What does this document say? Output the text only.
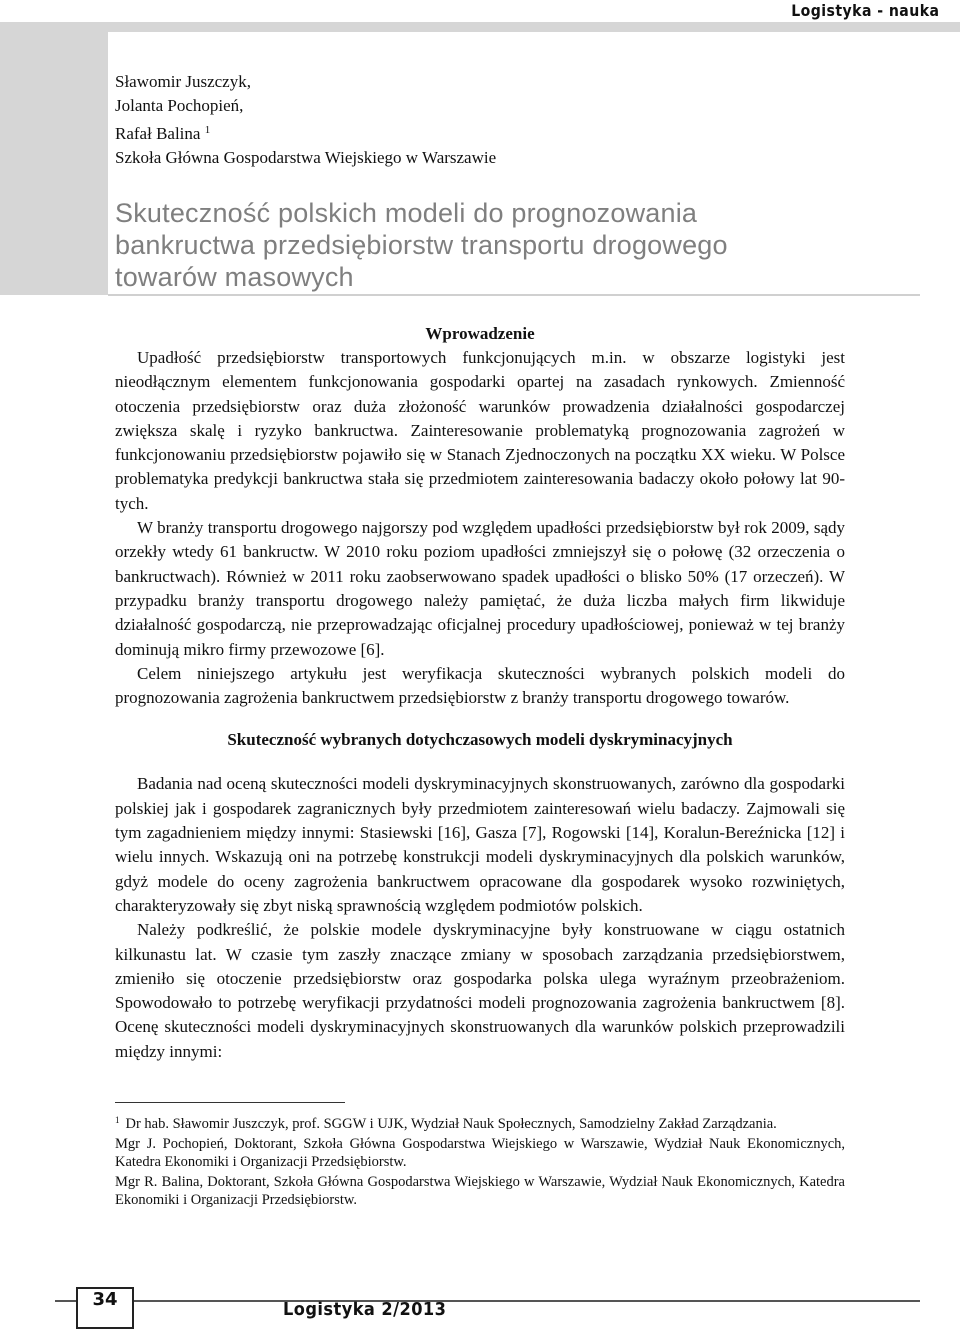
Logistyka - nauka
Sławomir Juszczyk,
Jolanta Pochopień,
Rafał Balina $^1$
Szkoła Główna Gospodarstwa Wiejskiego w Warszawie
Skuteczność polskich modeli do prognozowania
bankructwa przedsiębiorstw transportu drogowego
towarów masowych
Wprowadzenie

Upadłość przedsiębiorstw transportowych funkcjonujących m.in. w obszarze logistyki jest nieodłącznym elementem funkcjonowania gospodarki opartej na zasadach rynkowych. Zmienność otoczenia przedsiębiorstw oraz duża złożoność warunków prowadzenia działalności gospodarczej zwiększa skalę i ryzyko bankructwa. Zainteresowanie problematyką prognozowania zagrożeń w funkcjonowaniu przedsiębiorstw pojawiło się w Stanach Zjednoczonych na początku XX wieku. W Polsce problematyka predykcji bankructwa stała się przedmiotem zainteresowania badaczy około połowy lat 90-tych.

W branży transportu drogowego najgorszy pod względem upadłości przedsiębiorstw był rok 2009, sądy orzekły wtedy 61 bankructw. W 2010 roku poziom upadłości zmniejszył się o połowę (32 orzeczenia o bankructwach). Również w 2011 roku zaobserwowano spadek upadłości o blisko 50% (17 orzeczeń). W przypadku branży transportu drogowego należy pamiętać, że duża liczba małych firm likwiduje działalność gospodarczą, nie przeprowadzając oficjalnej procedury upadłościowej, ponieważ w tej branży dominują mikro firmy przewozowe [6].

Celem niniejszego artykułu jest weryfikacja skuteczności wybranych polskich modeli do prognozowania zagrożenia bankructwem przedsiębiorstw z branży transportu drogowego towarów.

Skuteczność wybranych dotychczasowych modeli dyskryminacyjnych

Badania nad oceną skuteczności modeli dyskryminacyjnych skonstruowanych, zarówno dla gospodarki polskiej jak i gospodarek zagranicznych były przedmiotem zainteresowań wielu badaczy. Zajmowali się tym zagadnieniem między innymi: Stasiewski [16], Gasza [7], Rogowski [14], Koralun-Bereźnicka [12] i wielu innych. Wskazują oni na potrzebę konstrukcji modeli dyskryminacyjnych dla polskich warunków, gdyż modele do oceny zagrożenia bankructwem opracowane dla gospodarek wysoko rozwiniętych, charakteryzowały się zbyt niską sprawnością względem podmiotów polskich.

Należy podkreślić, że polskie modele dyskryminacyjne były konstruowane w ciągu ostatnich kilkunastu lat. W czasie tym zaszły znaczące zmiany w sposobach zarządzania przedsiębiorstwem, zmieniło się otoczenie przedsiębiorstw oraz gospodarka polska ulega wyraźnym przeobrażeniom. Spowodowało to potrzebę weryfikacji przydatności modeli prognozowania zagrożenia bankructwem [8]. Ocenę skuteczności modeli dyskryminacyjnych skonstruowanych dla warunków polskich przeprowadzili między innymi:

$^1$ Dr hab. Sławomir Juszczyk, prof. SGGW i UJK, Wydział Nauk Społecznych, Samodzielny Zakład Zarządzania.

Mgr J. Pochopień, Doktorant, Szkoła Główna Gospodarstwa Wiejskiego w Warszawie, Wydział Nauk Ekonomicznych, Katedra Ekonomiki i Organizacji Przedsiębiorstw.

Mgr R. Balina, Doktorant, Szkoła Główna Gospodarstwa Wiejskiego w Warszawie, Wydział Nauk Ekonomicznych, Katedra Ekonomiki i Organizacji Przedsiębiorstw.

34	Logistyka 2/2013
